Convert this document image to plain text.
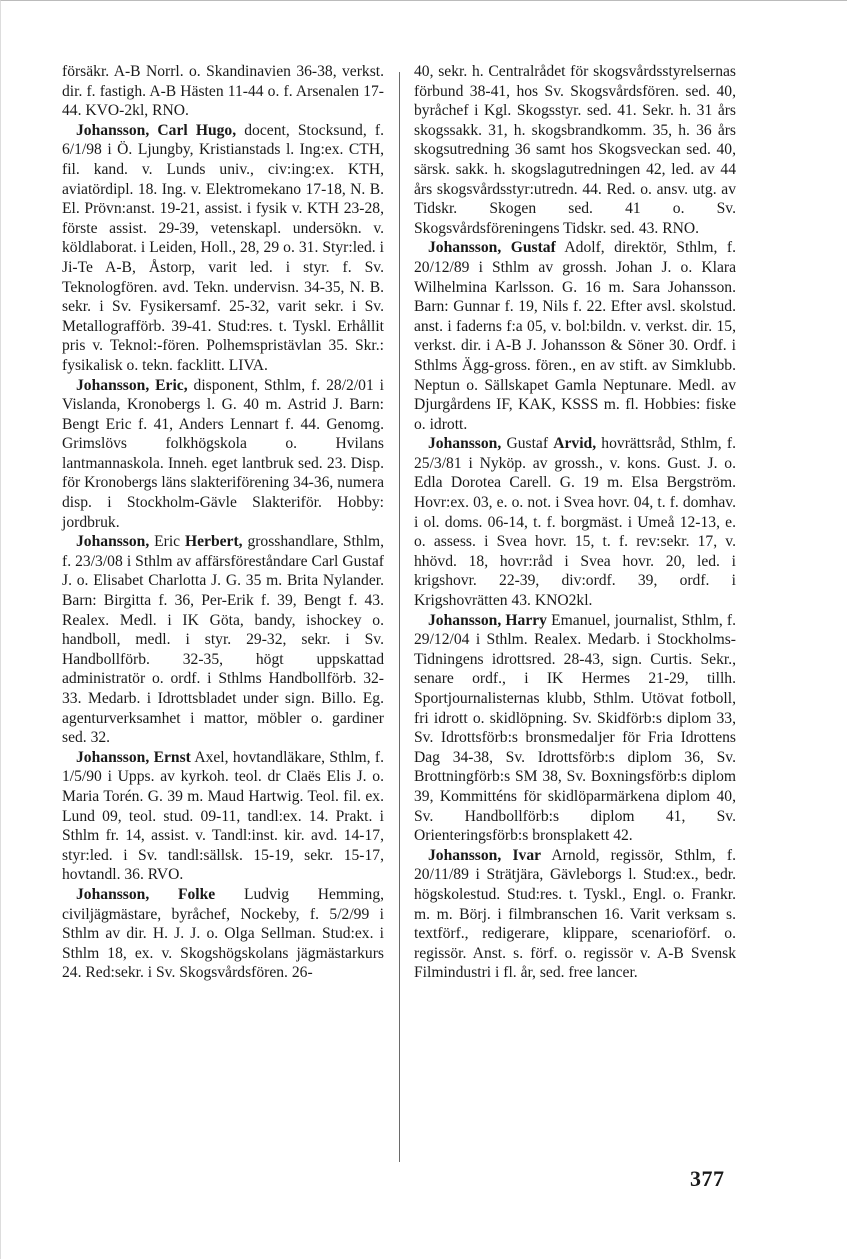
försäkr. A-B Norrl. o. Skandinavien 36-38, verkst. dir. f. fastigh. A-B Hästen 11-44 o. f. Arsenalen 17-44. KVO-2kl, RNO.

Johansson, Carl Hugo, docent, Stocksund, f. 6/1/98 i Ö. Ljungby, Kristianstads l. Ing:ex. CTH, fil. kand. v. Lunds univ., civ:ing:ex. KTH, aviatördipl. 18. Ing. v. Elektromekano 17-18, N. B. El. Prövn:anst. 19-21, assist. i fysik v. KTH 23-28, förste assist. 29-39, vetenskapl. undersökn. v. köldlaborat. i Leiden, Holl., 28, 29 o. 31. Styr:led. i Ji-Te A-B, Åstorp, varit led. i styr. f. Sv. Teknologfören. avd. Tekn. undervisn. 34-35, N. B. sekr. i Sv. Fysikersamf. 25-32, varit sekr. i Sv. Metallografförb. 39-41. Stud:res. t. Tyskl. Erhållit pris v. Teknol:-fören. Polhemspristävlan 35. Skr.: fysikalisk o. tekn. facklitt. LIVA.

Johansson, Eric, disponent, Sthlm, f. 28/2/01 i Vislanda, Kronobergs l. G. 40 m. Astrid J. Barn: Bengt Eric f. 41, Anders Lennart f. 44. Genomg. Grimslövs folkhögskola o. Hvilans lantmannaskola. Inneh. eget lantbruk sed. 23. Disp. för Kronobergs läns slakteriförening 34-36, numera disp. i Stockholm-Gävle Slakteriför. Hobby: jordbruk.

Johansson, Eric Herbert, grosshandlare, Sthlm, f. 23/3/08 i Sthlm av affärsföreståndare Carl Gustaf J. o. Elisabet Charlotta J. G. 35 m. Brita Nylander. Barn: Birgitta f. 36, Per-Erik f. 39, Bengt f. 43. Realex. Medl. i IK Göta, bandy, ishockey o. handboll, medl. i styr. 29-32, sekr. i Sv. Handbollförb. 32-35, högt uppskattad administratör o. ordf. i Sthlms Handbollförb. 32-33. Medarb. i Idrottsbladet under sign. Billo. Eg. agenturverksamhet i mattor, möbler o. gardiner sed. 32.

Johansson, Ernst Axel, hovtandläkare, Sthlm, f. 1/5/90 i Upps. av kyrkoh. teol. dr Claës Elis J. o. Maria Torén. G. 39 m. Maud Hartwig. Teol. fil. ex. Lund 09, teol. stud. 09-11, tandl:ex. 14. Prakt. i Sthlm fr. 14, assist. v. Tandl:inst. kir. avd. 14-17, styr:led. i Sv. tandl:sällsk. 15-19, sekr. 15-17, hovtandl. 36. RVO.

Johansson, Folke Ludvig Hemming, civiljägmästare, byråchef, Nockeby, f. 5/2/99 i Sthlm av dir. H. J. J. o. Olga Sellman. Stud:ex. i Sthlm 18, ex. v. Skogshögskolans jägmästarkurs 24. Red:sekr. i Sv. Skogsvårdsfören. 26-

40, sekr. h. Centralrådet för skogsvårdsstyrelsernas förbund 38-41, hos Sv. Skogsvårdsfören. sed. 40, byråchef i Kgl. Skogsstyr. sed. 41. Sekr. h. 31 års skogssakk. 31, h. skogsbrandkomm. 35, h. 36 års skogsutredning 36 samt hos Skogsveckan sed. 40, särsk. sakk. h. skogslagutredningen 42, led. av 44 års skogsvårdsstyr:utredn. 44. Red. o. ansv. utg. av Tidskr. Skogen sed. 41 o. Sv. Skogsvårdsföreningens Tidskr. sed. 43. RNO.

Johansson, Gustaf Adolf, direktör, Sthlm, f. 20/12/89 i Sthlm av grossh. Johan J. o. Klara Wilhelmina Karlsson. G. 16 m. Sara Johansson. Barn: Gunnar f. 19, Nils f. 22. Efter avsl. skolstud. anst. i faderns f:a 05, v. bol:bildn. v. verkst. dir. 15, verkst. dir. i A-B J. Johansson & Söner 30. Ordf. i Sthlms Ägg-gross. fören., en av stift. av Simklubb. Neptun o. Sällskapet Gamla Neptunare. Medl. av Djurgårdens IF, KAK, KSSS m. fl. Hobbies: fiske o. idrott.

Johansson, Gustaf Arvid, hovrättsråd, Sthlm, f. 25/3/81 i Nyköp. av grossh., v. kons. Gust. J. o. Edla Dorotea Carell. G. 19 m. Elsa Bergström. Hovr:ex. 03, e. o. not. i Svea hovr. 04, t. f. domhav. i ol. doms. 06-14, t. f. borgmäst. i Umeå 12-13, e. o. assess. i Svea hovr. 15, t. f. rev:sekr. 17, v. hhövd. 18, hovr:råd i Svea hovr. 20, led. i krigshovr. 22-39, div:ordf. 39, ordf. i Krigshovrätten 43. KNO2kl.

Johansson, Harry Emanuel, journalist, Sthlm, f. 29/12/04 i Sthlm. Realex. Medarb. i Stockholms-Tidningens idrottsred. 28-43, sign. Curtis. Sekr., senare ordf., i IK Hermes 21-29, tillh. Sportjournalisternas klubb, Sthlm. Utövat fotboll, fri idrott o. skidlöpning. Sv. Skidförb:s diplom 33, Sv. Idrottsförb:s bronsmedaljer för Fria Idrottens Dag 34-38, Sv. Idrottsförb:s diplom 36, Sv. Brottningförb:s SM 38, Sv. Boxningsförb:s diplom 39, Kommitténs för skidlöparmärkena diplom 40, Sv. Handbollförb:s diplom 41, Sv. Orienteringsförb:s bronsplakett 42.

Johansson, Ivar Arnold, regissör, Sthlm, f. 20/11/89 i Strätjära, Gävleborgs l. Stud:ex., bedr. högskolestud. Stud:res. t. Tyskl., Engl. o. Frankr. m. m. Börj. i filmbranschen 16. Varit verksam s. textförf., redigerare, klippare, scenarioförf. o. regissör. Anst. s. förf. o. regissör v. A-B Svensk Filmindustri i fl. år, sed. free lancer.

377
